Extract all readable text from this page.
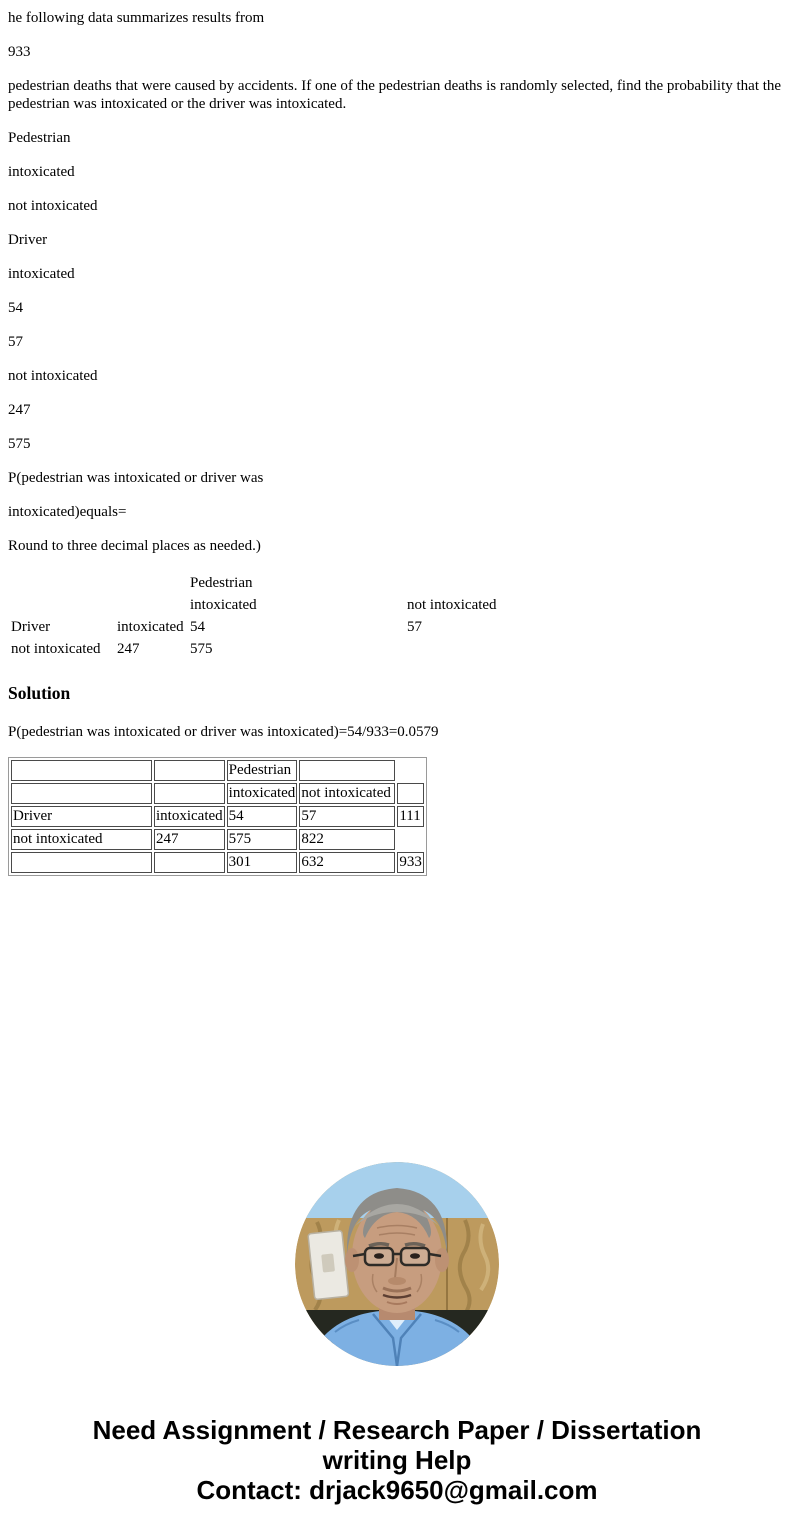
he following data summarizes results from

933

pedestrian deaths that were caused by accidents. If one of the pedestrian deaths is randomly selected, find the probability that the pedestrian was intoxicated or the driver was intoxicated.

Pedestrian

intoxicated

not intoxicated

Driver

intoxicated

54

57

not intoxicated

247

575

P(pedestrian was intoxicated or driver was

intoxicated)equals=

Round to three decimal places as needed.)

		Pedestrian	
		intoxicated	not intoxicated
Driver	intoxicated	54	57
not intoxicated	247	575	
Solution

P(pedestrian was intoxicated or driver was intoxicated)=54/933=0.0579

		Pedestrian		
		intoxicated	not intoxicated	
Driver	intoxicated	54	57	111
not intoxicated	247	575	822	
		301	632	933
Need Assignment / Research Paper / Dissertation
writing Help
Contact: drjack9650@gmail.com
